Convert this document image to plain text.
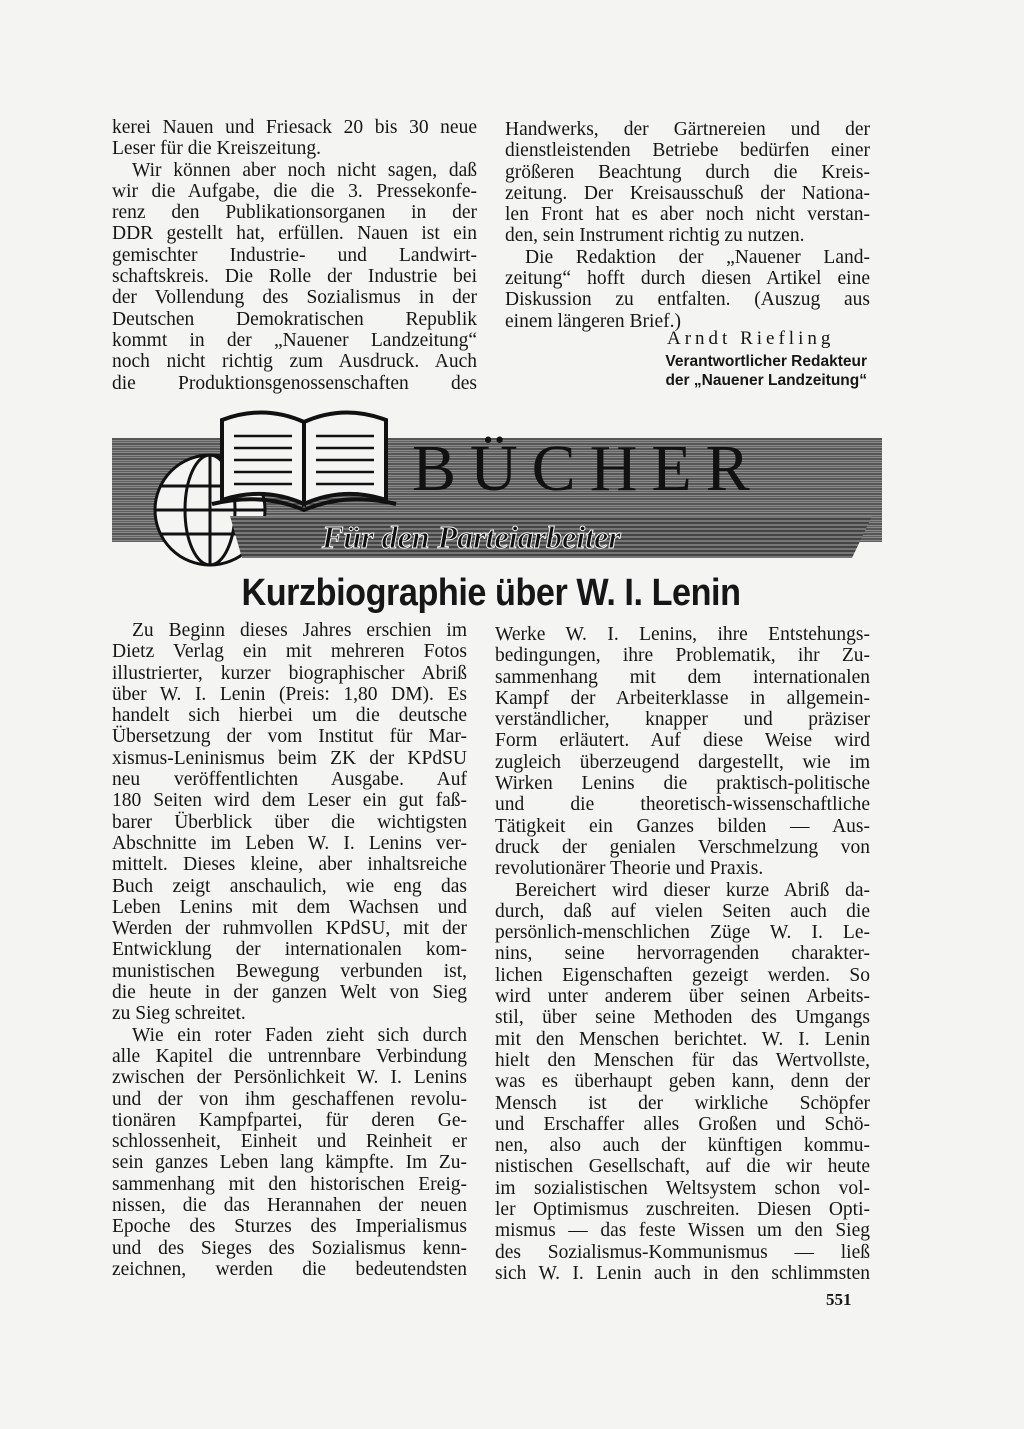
kerei Nauen und Friesack 20 bis 30 neue
Leser für die Kreiszeitung.
Wir können aber noch nicht sagen, daß
wir die Aufgabe, die die 3. Pressekonfe-
renz den Publikationsorganen in der
DDR gestellt hat, erfüllen. Nauen ist ein
gemischter Industrie- und Landwirt-
schaftskreis. Die Rolle der Industrie bei
der Vollendung des Sozialismus in der
Deutschen Demokratischen Republik
kommt in der „Nauener Landzeitung“
noch nicht richtig zum Ausdruck. Auch
die Produktionsgenossenschaften des
Handwerks, der Gärtnereien und der
dienstleistenden Betriebe bedürfen einer
größeren Beachtung durch die Kreis-
zeitung. Der Kreisausschuß der Nationa-
len Front hat es aber noch nicht verstan-
den, sein Instrument richtig zu nutzen.
Die Redaktion der „Nauener Land-
zeitung“ hofft durch diesen Artikel eine
Diskussion zu entfalten. (Auszug aus
einem längeren Brief.)
Arndt Riefling
Verantwortlicher Redakteur
der „Nauener Landzeitung“
BÜCHER
Für den Parteiarbeiter
Kurzbiographie über W. I. Lenin
Zu Beginn dieses Jahres erschien im
Dietz Verlag ein mit mehreren Fotos
illustrierter, kurzer biographischer Abriß
über W. I. Lenin (Preis: 1,80 DM). Es
handelt sich hierbei um die deutsche
Übersetzung der vom Institut für Mar-
xismus-Leninismus beim ZK der KPdSU
neu veröffentlichten Ausgabe. Auf
180 Seiten wird dem Leser ein gut faß-
barer Überblick über die wichtigsten
Abschnitte im Leben W. I. Lenins ver-
mittelt. Dieses kleine, aber inhaltsreiche
Buch zeigt anschaulich, wie eng das
Leben Lenins mit dem Wachsen und
Werden der ruhmvollen KPdSU, mit der
Entwicklung der internationalen kom-
munistischen Bewegung verbunden ist,
die heute in der ganzen Welt von Sieg
zu Sieg schreitet.
Wie ein roter Faden zieht sich durch
alle Kapitel die untrennbare Verbindung
zwischen der Persönlichkeit W. I. Lenins
und der von ihm geschaffenen revolu-
tionären Kampfpartei, für deren Ge-
schlossenheit, Einheit und Reinheit er
sein ganzes Leben lang kämpfte. Im Zu-
sammenhang mit den historischen Ereig-
nissen, die das Herannahen der neuen
Epoche des Sturzes des Imperialismus
und des Sieges des Sozialismus kenn-
zeichnen, werden die bedeutendsten
Werke W. I. Lenins, ihre Entstehungs-
bedingungen, ihre Problematik, ihr Zu-
sammenhang mit dem internationalen
Kampf der Arbeiterklasse in allgemein-
verständlicher, knapper und präziser
Form erläutert. Auf diese Weise wird
zugleich überzeugend dargestellt, wie im
Wirken Lenins die praktisch-politische
und die theoretisch-wissenschaftliche
Tätigkeit ein Ganzes bilden — Aus-
druck der genialen Verschmelzung von
revolutionärer Theorie und Praxis.
Bereichert wird dieser kurze Abriß da-
durch, daß auf vielen Seiten auch die
persönlich-menschlichen Züge W. I. Le-
nins, seine hervorragenden charakter-
lichen Eigenschaften gezeigt werden. So
wird unter anderem über seinen Arbeits-
stil, über seine Methoden des Umgangs
mit den Menschen berichtet. W. I. Lenin
hielt den Menschen für das Wertvollste,
was es überhaupt geben kann, denn der
Mensch ist der wirkliche Schöpfer
und Erschaffer alles Großen und Schö-
nen, also auch der künftigen kommu-
nistischen Gesellschaft, auf die wir heute
im sozialistischen Weltsystem schon vol-
ler Optimismus zuschreiten. Diesen Opti-
mismus — das feste Wissen um den Sieg
des Sozialismus-Kommunismus — ließ
sich W. I. Lenin auch in den schlimmsten
551
